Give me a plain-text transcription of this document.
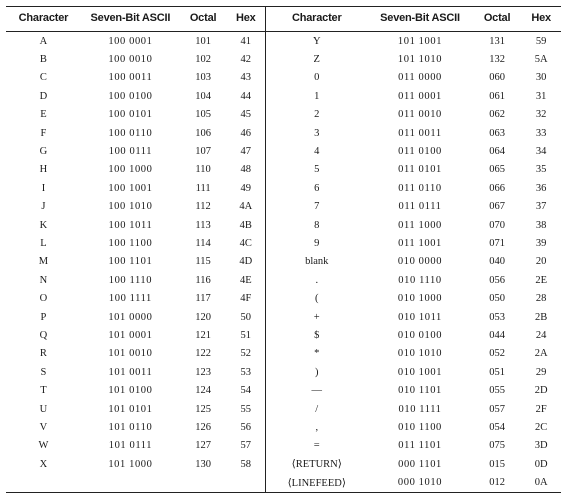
Character	Seven-Bit ASCII	Octal	Hex	Character	Seven-Bit ASCII	Octal	Hex
A	100 0001	101	41	Y	101 1001	131	59
B	100 0010	102	42	Z	101 1010	132	5A
C	100 0011	103	43	0	011 0000	060	30
D	100 0100	104	44	1	011 0001	061	31
E	100 0101	105	45	2	011 0010	062	32
F	100 0110	106	46	3	011 0011	063	33
G	100 0111	107	47	4	011 0100	064	34
H	100 1000	110	48	5	011 0101	065	35
I	100 1001	111	49	6	011 0110	066	36
J	100 1010	112	4A	7	011 0111	067	37
K	100 1011	113	4B	8	011 1000	070	38
L	100 1100	114	4C	9	011 1001	071	39
M	100 1101	115	4D	blank	010 0000	040	20
N	100 1110	116	4E	.	010 1110	056	2E
O	100 1111	117	4F	(	010 1000	050	28
P	101 0000	120	50	+	010 1011	053	2B
Q	101 0001	121	51	$	010 0100	044	24
R	101 0010	122	52	*	010 1010	052	2A
S	101 0011	123	53	)	010 1001	051	29
T	101 0100	124	54	—	010 1101	055	2D
U	101 0101	125	55	/	010 1111	057	2F
V	101 0110	126	56	,	010 1100	054	2C
W	101 0111	127	57	=	011 1101	075	3D
X	101 1000	130	58	⟨RETURN⟩	000 1101	015	0D
				⟨LINEFEED⟩	000 1010	012	0A
